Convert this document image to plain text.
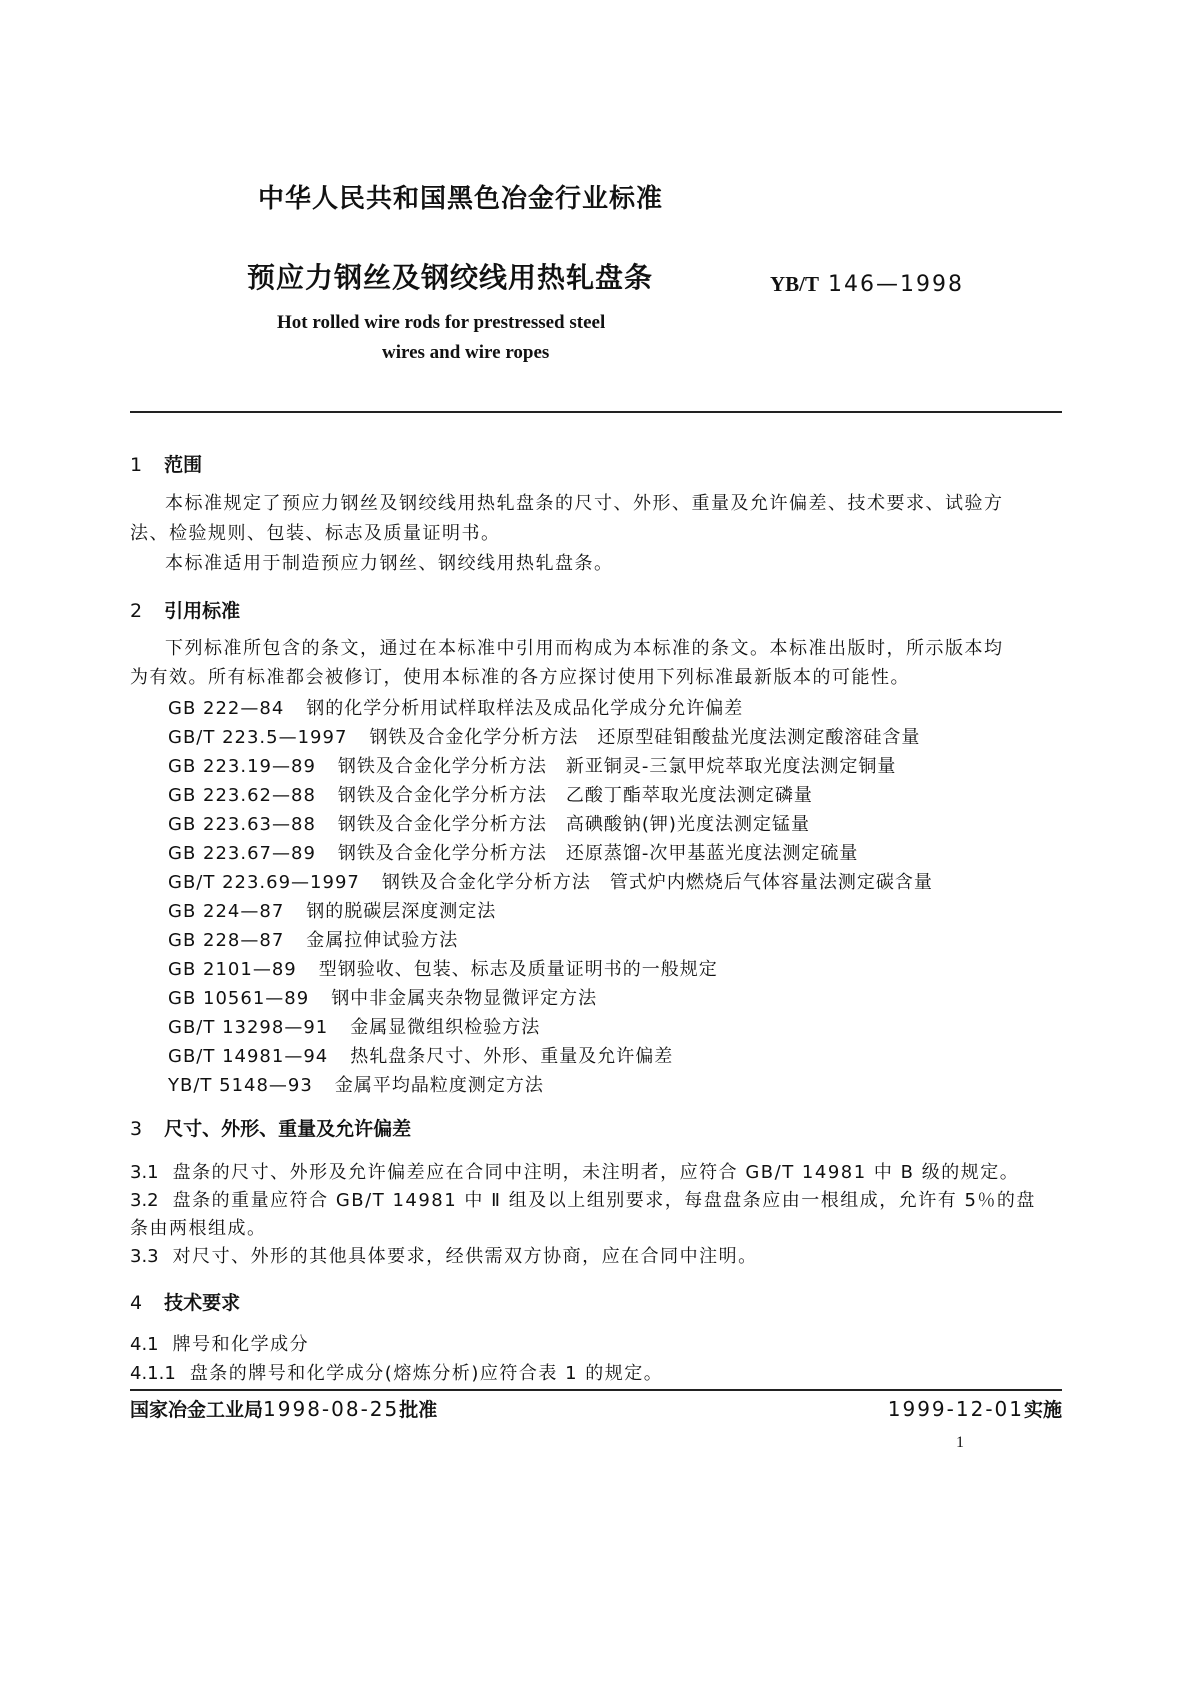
中华人民共和国黑色冶金行业标准
预应力钢丝及钢绞线用热轧盘条	YB/T 146—1998
Hot rolled wire rods for prestressed steel
wires and wire ropes
1 范围
本标准规定了预应力钢丝及钢绞线用热轧盘条的尺寸、外形、重量及允许偏差、技术要求、试验方
法、检验规则、包装、标志及质量证明书。
本标准适用于制造预应力钢丝、钢绞线用热轧盘条。
2 引用标准
下列标准所包含的条文，通过在本标准中引用而构成为本标准的条文。本标准出版时，所示版本均
为有效。所有标准都会被修订，使用本标准的各方应探讨使用下列标准最新版本的可能性。
GB 222—84 钢的化学分析用试样取样法及成品化学成分允许偏差
GB/T 223.5—1997 钢铁及合金化学分析方法　还原型硅钼酸盐光度法测定酸溶硅含量
GB 223.19—89 钢铁及合金化学分析方法　新亚铜灵-三氯甲烷萃取光度法测定铜量
GB 223.62—88 钢铁及合金化学分析方法　乙酸丁酯萃取光度法测定磷量
GB 223.63—88 钢铁及合金化学分析方法　高碘酸钠(钾)光度法测定锰量
GB 223.67—89 钢铁及合金化学分析方法　还原蒸馏-次甲基蓝光度法测定硫量
GB/T 223.69—1997 钢铁及合金化学分析方法　管式炉内燃烧后气体容量法测定碳含量
GB 224—87 钢的脱碳层深度测定法
GB 228—87 金属拉伸试验方法
GB 2101—89 型钢验收、包装、标志及质量证明书的一般规定
GB 10561—89 钢中非金属夹杂物显微评定方法
GB/T 13298—91 金属显微组织检验方法
GB/T 14981—94 热轧盘条尺寸、外形、重量及允许偏差
YB/T 5148—93 金属平均晶粒度测定方法
3 尺寸、外形、重量及允许偏差
3.1 盘条的尺寸、外形及允许偏差应在合同中注明，未注明者，应符合 GB/T 14981 中 B 级的规定。
3.2 盘条的重量应符合 GB/T 14981 中 Ⅱ 组及以上组别要求，每盘盘条应由一根组成，允许有 5％的盘
条由两根组成。
3.3 对尺寸、外形的其他具体要求，经供需双方协商，应在合同中注明。
4 技术要求
4.1 牌号和化学成分
4.1.1 盘条的牌号和化学成分(熔炼分析)应符合表 1 的规定。
国家冶金工业局1998-08-25批准	1999-12-01实施
1
